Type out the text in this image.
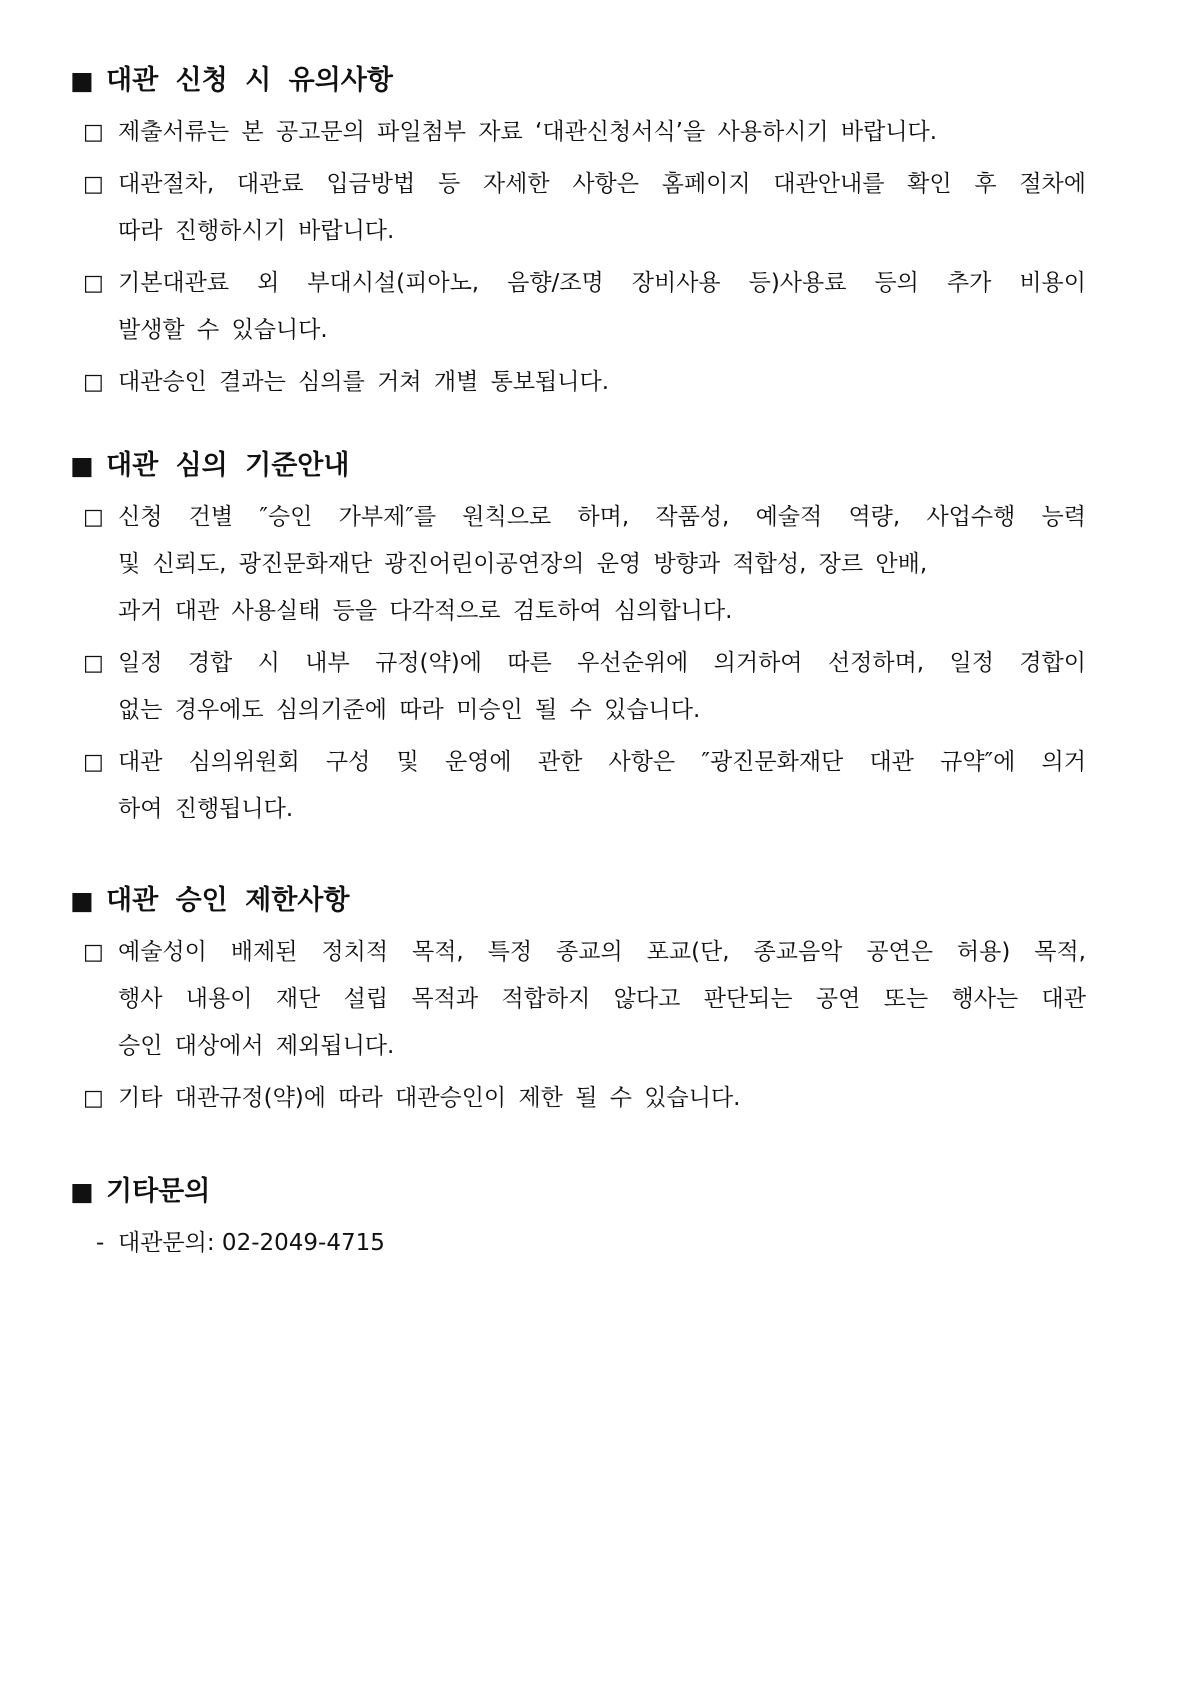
■ 대관 신청 시 유의사항
□ 제출서류는 본 공고문의 파일첨부 자료 ‘대관신청서식’을 사용하시기 바랍니다.
□ 대관절차, 대관료 입금방법 등 자세한 사항은 홈페이지 대관안내를 확인 후 절차에
따라 진행하시기 바랍니다.
□ 기본대관료 외 부대시설(피아노, 음향/조명 장비사용 등)사용료 등의 추가 비용이
발생할 수 있습니다.
□ 대관승인 결과는 심의를 거쳐 개별 통보됩니다.
■ 대관 심의 기준안내
□ 신청 건별 ″승인 가부제″를 원칙으로 하며, 작품성, 예술적 역량, 사업수행 능력
및 신뢰도, 광진문화재단 광진어린이공연장의 운영 방향과 적합성, 장르 안배,
과거 대관 사용실태 등을 다각적으로 검토하여 심의합니다.
□ 일정 경합 시 내부 규정(약)에 따른 우선순위에 의거하여 선정하며, 일정 경합이
없는 경우에도 심의기준에 따라 미승인 될 수 있습니다.
□ 대관 심의위원회 구성 및 운영에 관한 사항은 ″광진문화재단 대관 규약″에 의거
하여 진행됩니다.
■ 대관 승인 제한사항
□ 예술성이 배제된 정치적 목적, 특정 종교의 포교(단, 종교음악 공연은 허용) 목적,
행사 내용이 재단 설립 목적과 적합하지 않다고 판단되는 공연 또는 행사는 대관
승인 대상에서 제외됩니다.
□ 기타 대관규정(약)에 따라 대관승인이 제한 될 수 있습니다.
■ 기타문의
- 대관문의: 02-2049-4715
